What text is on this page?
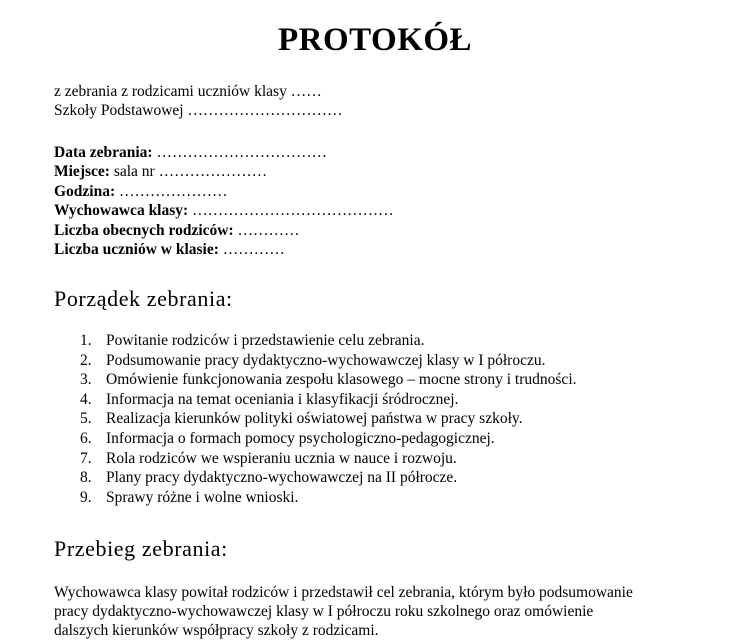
PROTOKÓŁ
z zebrania z rodzicami uczniów klasy ……
Szkoły Podstawowej …………………………
Data zebrania: ……………………………
Miejsce: sala nr …………………
Godzina: …………………
Wychowawca klasy: …………………………………
Liczba obecnych rodziców: …………
Liczba uczniów w klasie: …………
Porządek zebrania:
1. Powitanie rodziców i przedstawienie celu zebrania.
2. Podsumowanie pracy dydaktyczno-wychowawczej klasy w I półroczu.
3. Omówienie funkcjonowania zespołu klasowego – mocne strony i trudności.
4. Informacja na temat oceniania i klasyfikacji śródrocznej.
5. Realizacja kierunków polityki oświatowej państwa w pracy szkoły.
6. Informacja o formach pomocy psychologiczno-pedagogicznej.
7. Rola rodziców we wspieraniu ucznia w nauce i rozwoju.
8. Plany pracy dydaktyczno-wychowawczej na II półrocze.
9. Sprawy różne i wolne wnioski.
Przebieg zebrania:
Wychowawca klasy powitał rodziców i przedstawił cel zebrania, którym było podsumowanie
pracy dydaktyczno-wychowawczej klasy w I półroczu roku szkolnego oraz omówienie
dalszych kierunków współpracy szkoły z rodzicami.
